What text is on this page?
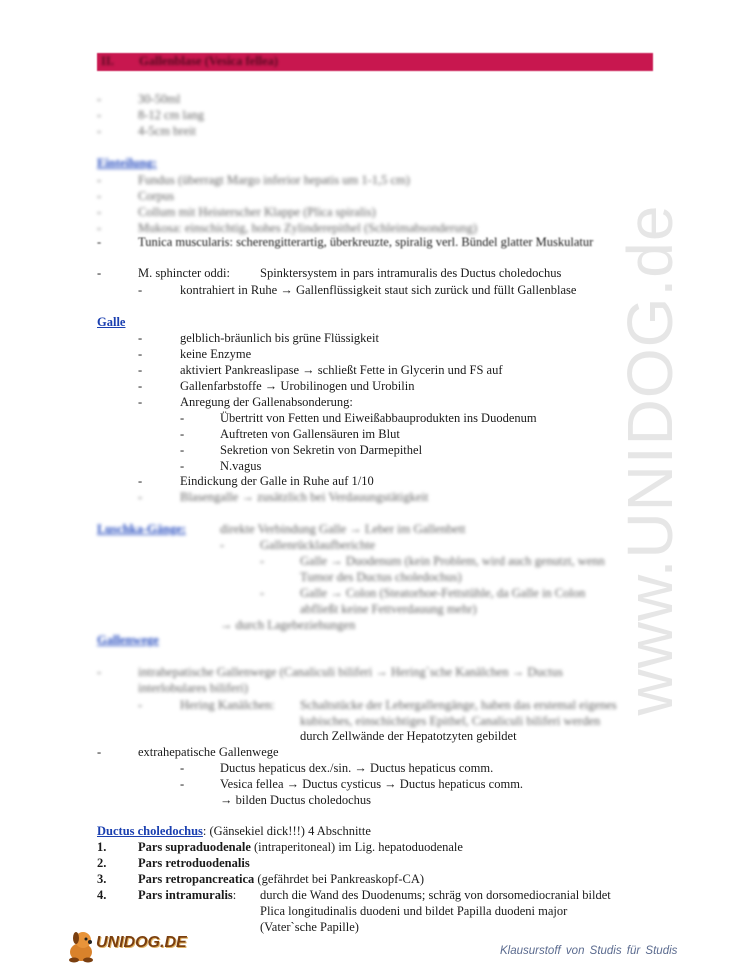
II. Gallenblase (Vesica fellea)
www.UNIDOG.de
-	30-50ml
-	8-12 cm lang
-	4-5cm breit
Einteilung:
-	Fundus (überragt Margo inferior hepatis um 1-1,5 cm)
-	Corpus
-	Collum mit Heisterscher Klappe (Plica spiralis)
-	Mukosa: einschichtig, hohes Zylinderepithel (Schleimabsonderung)
-	Tunica muscularis: scherengitterartig, überkreuzte, spiralig verl. Bündel glatter Muskulatur
-	M. sphincter oddi: Spinktersystem in pars intramuralis des Ductus choledochus
-	kontrahiert in Ruhe → Gallenflüssigkeit staut sich zurück und füllt Gallenblase
Galle
-	gelblich-bräunlich bis grüne Flüssigkeit
-	keine Enzyme
-	aktiviert Pankreaslipase → schließt Fette in Glycerin und FS auf
-	Gallenfarbstoffe → Urobilinogen und Urobilin
-	Anregung der Gallenabsonderung:
-	Übertritt von Fetten und Eiweißabbauprodukten ins Duodenum
-	Auftreten von Gallensäuren im Blut
-	Sekretion von Sekretin von Darmepithel
-	N.vagus
-	Eindickung der Galle in Ruhe auf 1/10
-	Blasengalle → zusätzlich bei Verdauungstätigkeit
Luschka-Gänge:	direkte Verbindung Galle → Leber im Gallenbett
-	Gallenrücklaufberichte
-	Galle → Duodenum (kein Problem, wird auch genutzt, wenn
Tumor des Ductus choledochus)
-	Galle → Colon (Steatorhoe-Fettstühle, da Galle in Colon
abfließt keine Fettverdauung mehr)
→ durch Lagebeziehungen
Gallenwege
-	intrahepatische Gallenwege (Canaliculi biliferi → Hering`sche Kanälchen → Ductus
interlobulares biliferi)
-	Hering Kanälchen: Schaltstücke der Lebergallengänge, haben das erstemal eigenes
kubisches, einschichtiges Epithel, Canaliculi biliferi werden
durch Zellwände der Hepatotzyten gebildet
-	extrahepatische Gallenwege
-	Ductus hepaticus dex./sin. → Ductus hepaticus comm.
-	Vesica fellea → Ductus cysticus → Ductus hepaticus comm.
→ bilden Ductus choledochus
Ductus choledochus: (Gänsekiel dick!!!) 4 Abschnitte
1.	Pars supraduodenale (intraperitoneal) im Lig. hepatoduodenale
2.	Pars retroduodenalis
3.	Pars retropancreatica (gefährdet bei Pankreaskopf-CA)
4.	Pars intramuralis: durch die Wand des Duodenums; schräg von dorsomediocranial bildet
Plica longitudinalis duodeni und bildet Papilla duodeni major
(Vater`sche Papille)
UNIDOG.DE	Klausurstoff von Studis für Studis
